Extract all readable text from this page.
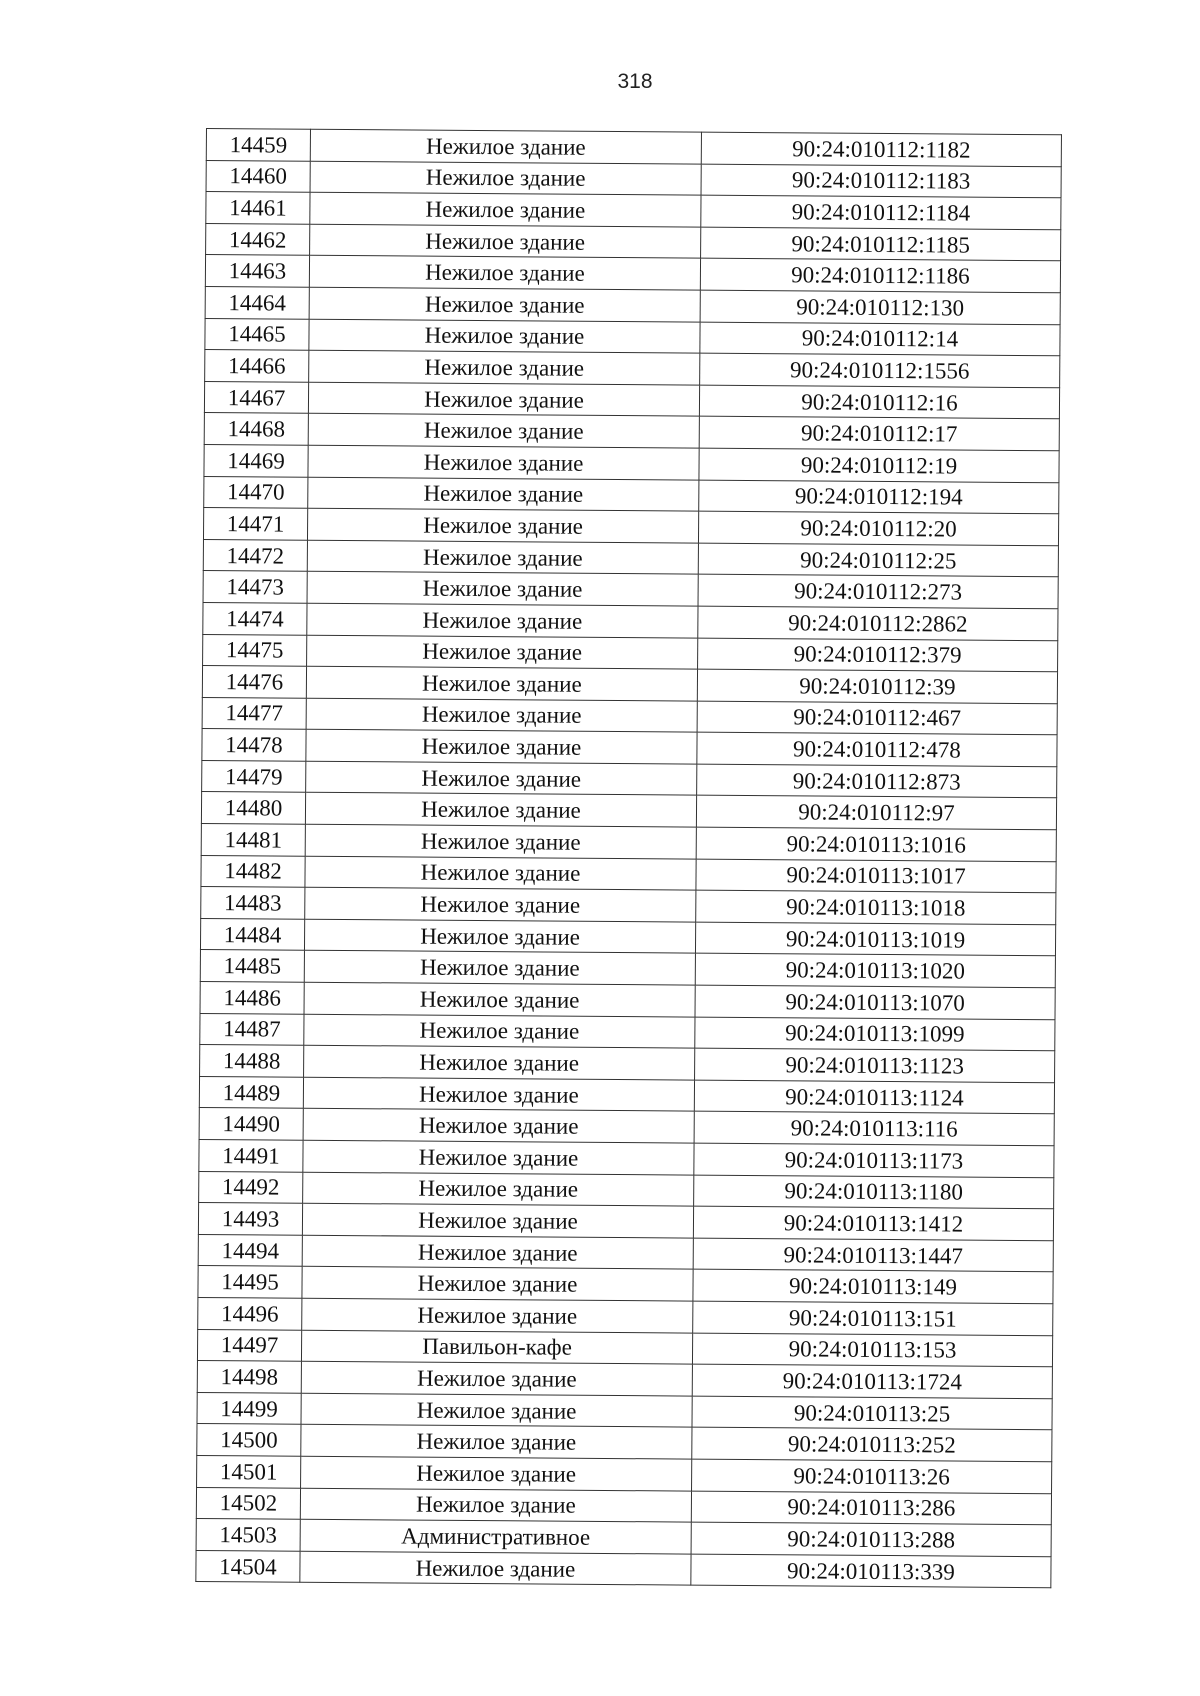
318
14459	Нежилое здание	90:24:010112:1182
14460	Нежилое здание	90:24:010112:1183
14461	Нежилое здание	90:24:010112:1184
14462	Нежилое здание	90:24:010112:1185
14463	Нежилое здание	90:24:010112:1186
14464	Нежилое здание	90:24:010112:130
14465	Нежилое здание	90:24:010112:14
14466	Нежилое здание	90:24:010112:1556
14467	Нежилое здание	90:24:010112:16
14468	Нежилое здание	90:24:010112:17
14469	Нежилое здание	90:24:010112:19
14470	Нежилое здание	90:24:010112:194
14471	Нежилое здание	90:24:010112:20
14472	Нежилое здание	90:24:010112:25
14473	Нежилое здание	90:24:010112:273
14474	Нежилое здание	90:24:010112:2862
14475	Нежилое здание	90:24:010112:379
14476	Нежилое здание	90:24:010112:39
14477	Нежилое здание	90:24:010112:467
14478	Нежилое здание	90:24:010112:478
14479	Нежилое здание	90:24:010112:873
14480	Нежилое здание	90:24:010112:97
14481	Нежилое здание	90:24:010113:1016
14482	Нежилое здание	90:24:010113:1017
14483	Нежилое здание	90:24:010113:1018
14484	Нежилое здание	90:24:010113:1019
14485	Нежилое здание	90:24:010113:1020
14486	Нежилое здание	90:24:010113:1070
14487	Нежилое здание	90:24:010113:1099
14488	Нежилое здание	90:24:010113:1123
14489	Нежилое здание	90:24:010113:1124
14490	Нежилое здание	90:24:010113:116
14491	Нежилое здание	90:24:010113:1173
14492	Нежилое здание	90:24:010113:1180
14493	Нежилое здание	90:24:010113:1412
14494	Нежилое здание	90:24:010113:1447
14495	Нежилое здание	90:24:010113:149
14496	Нежилое здание	90:24:010113:151
14497	Павильон-кафе	90:24:010113:153
14498	Нежилое здание	90:24:010113:1724
14499	Нежилое здание	90:24:010113:25
14500	Нежилое здание	90:24:010113:252
14501	Нежилое здание	90:24:010113:26
14502	Нежилое здание	90:24:010113:286
14503	Административное	90:24:010113:288
14504	Нежилое здание	90:24:010113:339
